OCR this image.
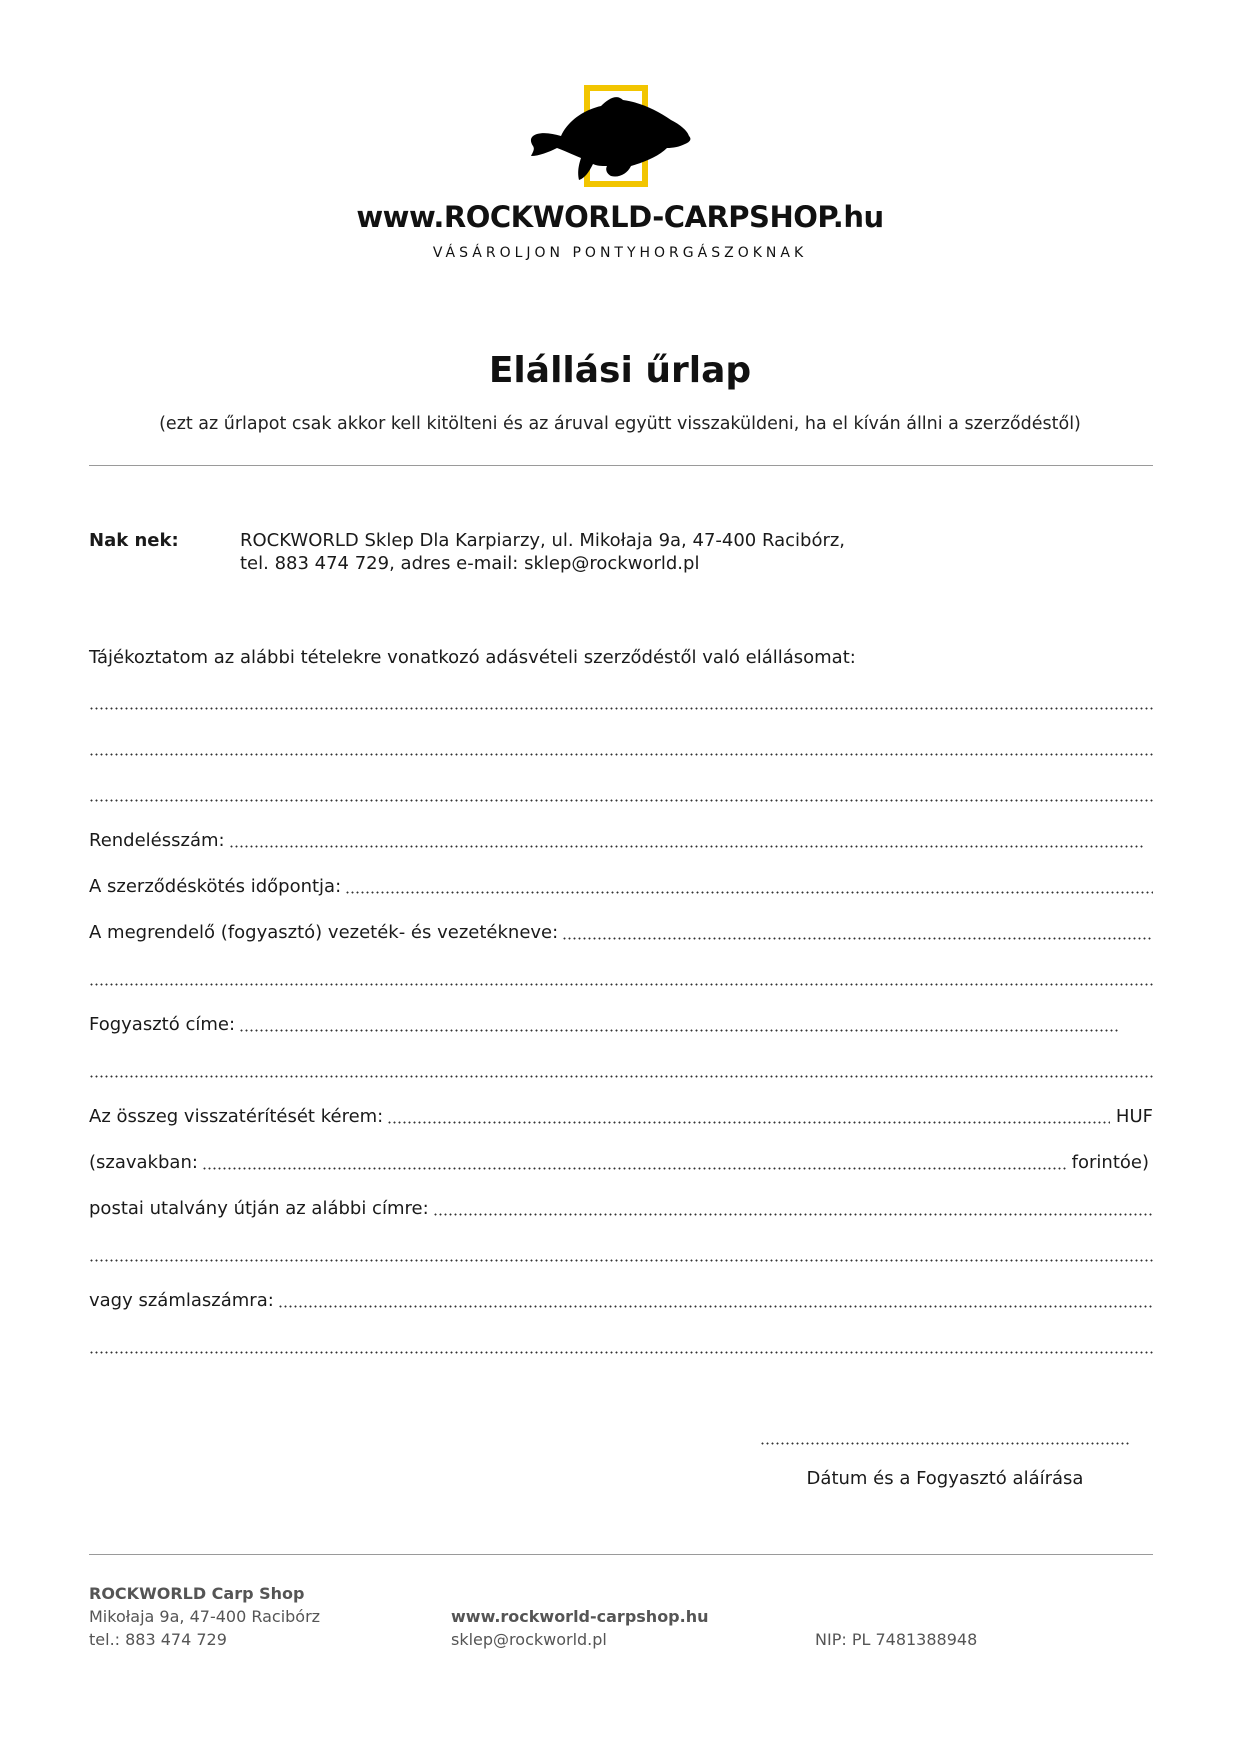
www.ROCKWORLD-CARPSHOP.hu
VÁSÁROLJON PONTYHORGÁSZOKNAK
Elállási űrlap
(ezt az űrlapot csak akkor kell kitölteni és az áruval együtt visszaküldeni, ha el kíván állni a szerződéstől)
Nak nek:	ROCKWORLD Sklep Dla Karpiarzy, ul. Mikołaja 9a, 47-400 Racibórz,
tel. 883 474 729, adres e-mail: sklep@rockworld.pl
Tájékoztatom az alábbi tételekre vonatkozó adásvételi szerződéstől való elállásomat:
Rendelésszám:
A szerződéskötés időpontja:
A megrendelő (fogyasztó) vezeték- és vezetékneve:
Fogyasztó címe:
Az összeg visszatérítését kérem:	HUF
(szavakban:	forintóe)
postai utalvány útján az alábbi címre:
vagy számlaszámra:
Dátum és a Fogyasztó aláírása
ROCKWORLD Carp Shop
Mikołaja 9a, 47-400 Racibórz
tel.: 883 474 729
www.rockworld-carpshop.hu
sklep@rockworld.pl	NIP: PL 7481388948
